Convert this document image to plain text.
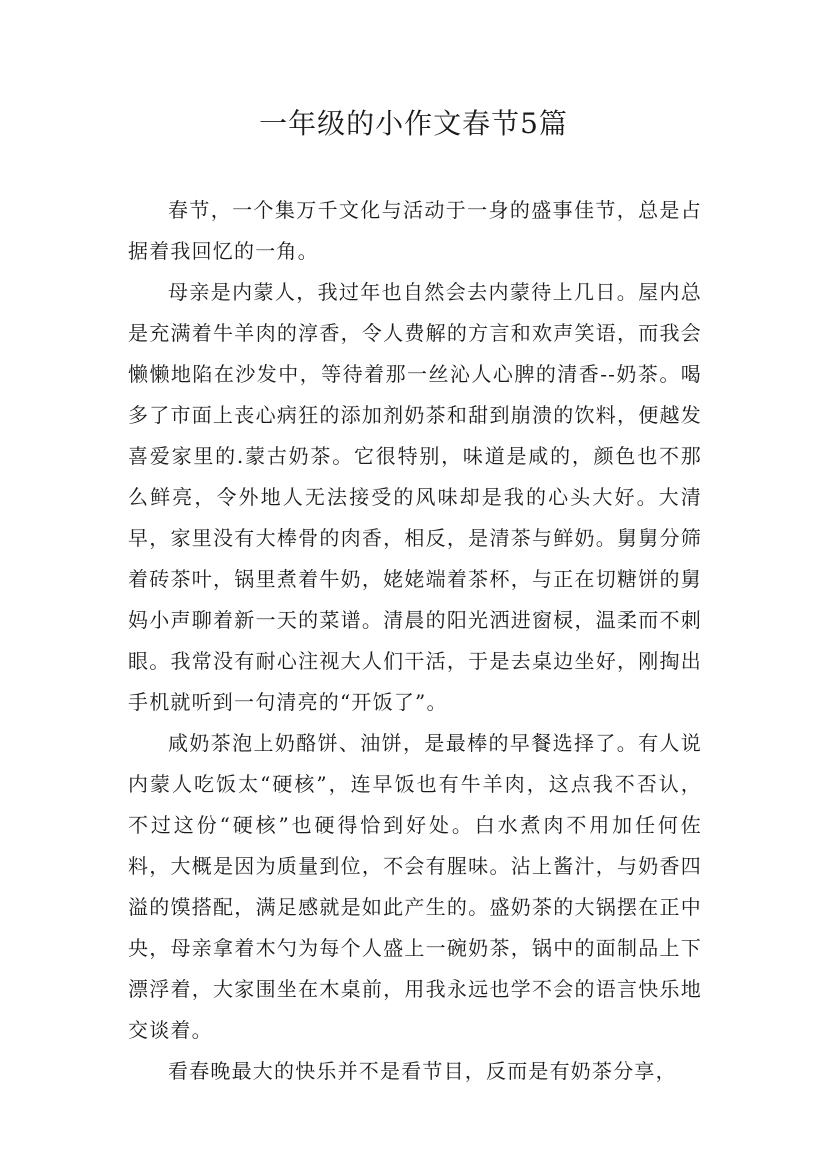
一年级的小作文春节5篇

春节，一个集万千文化与活动于一身的盛事佳节，总是占据着我回忆的一角。

母亲是内蒙人，我过年也自然会去内蒙待上几日。屋内总是充满着牛羊肉的淳香，令人费解的方言和欢声笑语，而我会懒懒地陷在沙发中，等待着那一丝沁人心脾的清香--奶茶。喝多了市面上丧心病狂的添加剂奶茶和甜到崩溃的饮料，便越发喜爱家里的.蒙古奶茶。它很特别，味道是咸的，颜色也不那么鲜亮，令外地人无法接受的风味却是我的心头大好。大清早，家里没有大棒骨的肉香，相反，是清茶与鲜奶。舅舅分筛着砖茶叶，锅里煮着牛奶，姥姥端着茶杯，与正在切糖饼的舅妈小声聊着新一天的菜谱。清晨的阳光洒进窗棂，温柔而不刺眼。我常没有耐心注视大人们干活，于是去桌边坐好，刚掏出手机就听到一句清亮的“开饭了”。

咸奶茶泡上奶酪饼、油饼，是最棒的早餐选择了。有人说内蒙人吃饭太“硬核”，连早饭也有牛羊肉，这点我不否认，不过这份“硬核”也硬得恰到好处。白水煮肉不用加任何佐料，大概是因为质量到位，不会有腥味。沾上酱汁，与奶香四溢的馍搭配，满足感就是如此产生的。盛奶茶的大锅摆在正中央，母亲拿着木勺为每个人盛上一碗奶茶，锅中的面制品上下漂浮着，大家围坐在木桌前，用我永远也学不会的语言快乐地交谈着。

看春晚最大的快乐并不是看节目，反而是有奶茶分享，
